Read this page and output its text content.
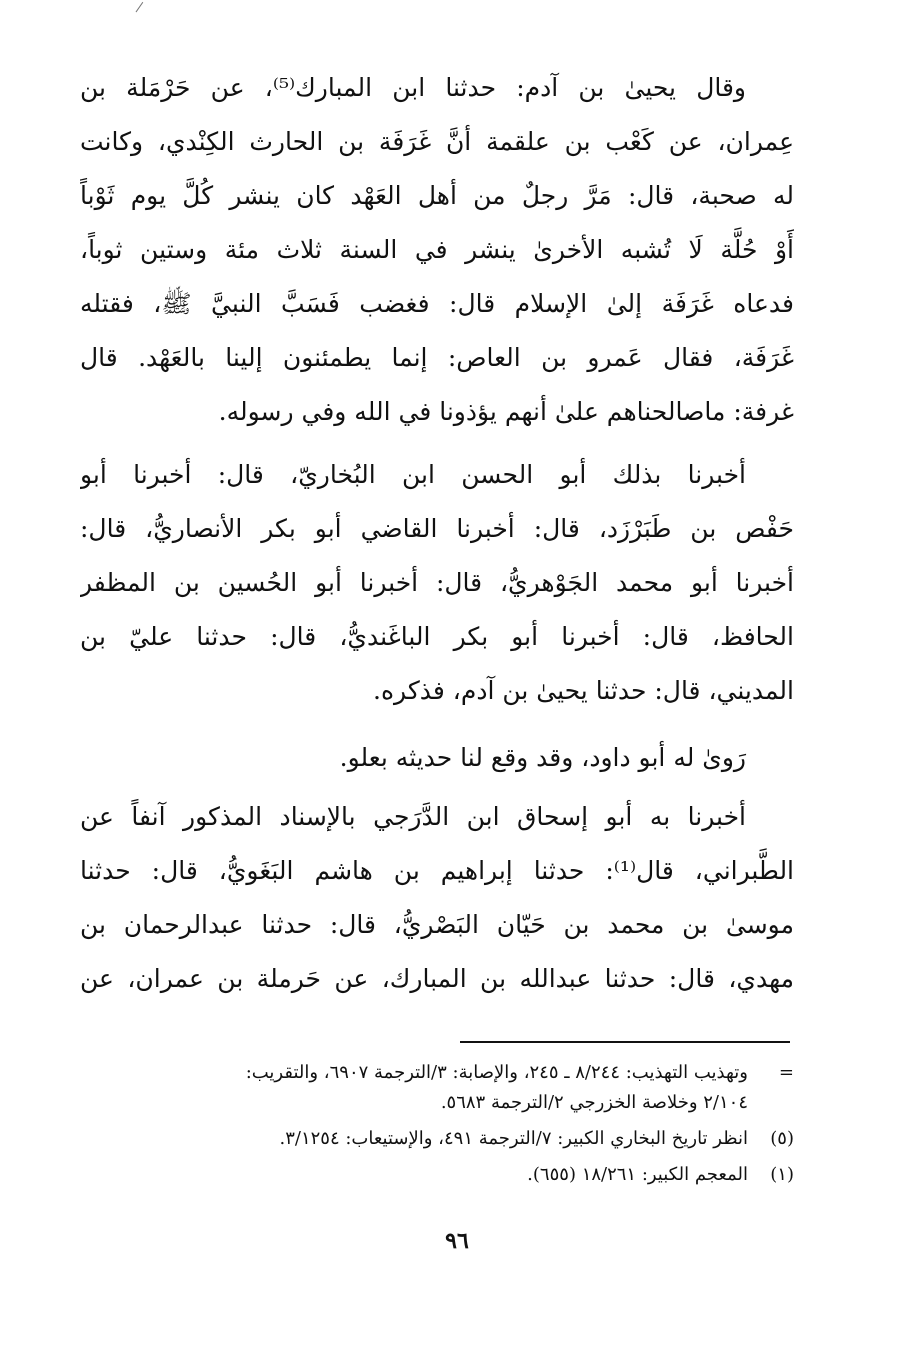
وقال يحيىٰ بن آدم: حدثنا ابن المبارك⁽⁵⁾، عن حَرْمَلة بن
عِمران، عن كَعْب بن علقمة أنَّ غَرَفَة بن الحارث الكِنْدي، وكانت
له صحبة، قال: مَرَّ رجلٌ من أهل العَهْد كان ينشر كُلَّ يوم ثَوْباً
أَوْ حُلَّة لَا تُشبه الأخرىٰ ينشر في السنة ثلاث مئة وستين ثوباً،
فدعاه غَرَفَة إلىٰ الإسلام قال: فغضب فَسَبَّ النبيَّ ﷺ، فقتله
غَرَفَة، فقال عَمرو بن العاص: إنما يطمئنون إلينا بالعَهْد. قال
غرفة: ماصالحناهم علىٰ أنهم يؤذونا في الله وفي رسوله.
أخبرنا بذلك أبو الحسن ابن البُخاريّ، قال: أخبرنا أبو
حَفْص بن طَبَرْزَد، قال: أخبرنا القاضي أبو بكر الأنصاريُّ، قال:
أخبرنا أبو محمد الجَوْهريُّ، قال: أخبرنا أبو الحُسين بن المظفر
الحافظ، قال: أخبرنا أبو بكر الباغَنديُّ، قال: حدثنا عليّ بن
المديني، قال: حدثنا يحيىٰ بن آدم، فذكره.
رَوىٰ له أبو داود، وقد وقع لنا حديثه بعلو.
أخبرنا به أبو إسحاق ابن الدَّرَجي بالإسناد المذكور آنفاً عن
الطَّبراني، قال⁽¹⁾: حدثنا إبراهيم بن هاشم البَغَويُّ، قال: حدثنا
موسىٰ بن محمد بن حَيّان البَصْريُّ، قال: حدثنا عبدالرحمان بن
مهدي، قال: حدثنا عبدالله بن المبارك، عن حَرملة بن عمران، عن
=
وتهذيب التهذيب: ٨/٢٤٤ ـ ٢٤٥، والإصابة: ٣/الترجمة ٦٩٠٧، والتقريب:
٢/١٠٤ وخلاصة الخزرجي ٢/الترجمة ٥٦٨٣.
(٥)
انظر تاريخ البخاري الكبير: ٧/الترجمة ٤٩١، والإستيعاب: ٣/١٢٥٤.
(١)
المعجم الكبير: ١٨/٢٦١ (٦٥٥).
٩٦
